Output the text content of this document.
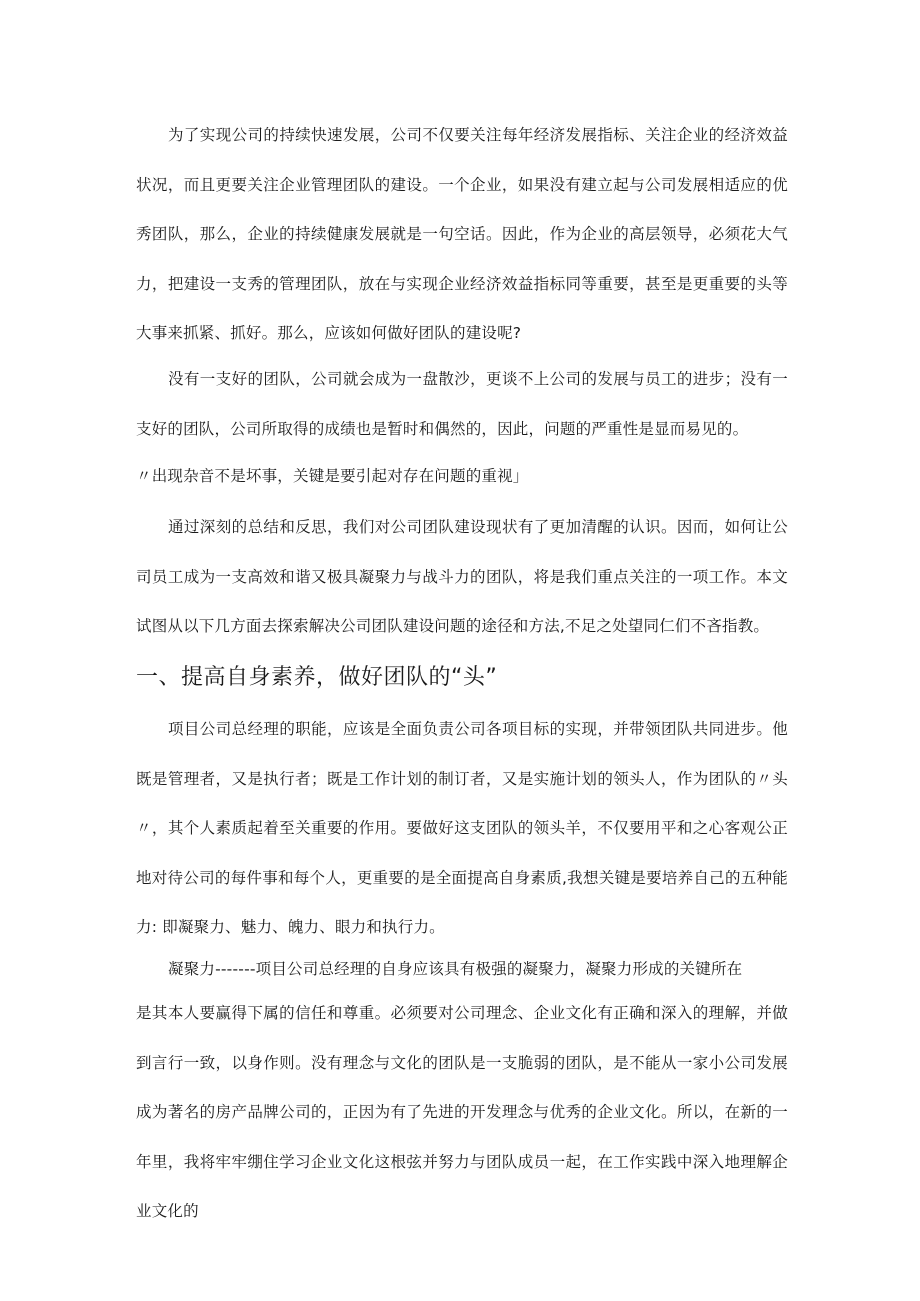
为了实现公司的持续快速发展，公司不仅要关注每年经济发展指标、关注企业的经济效益状况，而且更要关注企业管理团队的建设。一个企业，如果没有建立起与公司发展相适应的优秀团队，那么，企业的持续健康发展就是一句空话。因此，作为企业的高层领导，必须花大气力，把建设一支秀的管理团队，放在与实现企业经济效益指标同等重要，甚至是更重要的头等大事来抓紧、抓好。那么，应该如何做好团队的建设呢?

没有一支好的团队，公司就会成为一盘散沙，更谈不上公司的发展与员工的进步；没有一支好的团队，公司所取得的成绩也是暂时和偶然的，因此，问题的严重性是显而易见的。

〃出现杂音不是坏事，关键是要引起对存在问题的重视」

通过深刻的总结和反思，我们对公司团队建设现状有了更加清醒的认识。因而，如何让公司员工成为一支高效和谐又极具凝聚力与战斗力的团队，将是我们重点关注的一项工作。本文试图从以下几方面去探索解决公司团队建设问题的途径和方法,不足之处望同仁们不吝指教。

一、提高自身素养，做好团队的“头”

项目公司总经理的职能，应该是全面负责公司各项目标的实现，并带领团队共同进步。他既是管理者，又是执行者；既是工作计划的制订者，又是实施计划的领头人，作为团队的〃头〃，其个人素质起着至关重要的作用。要做好这支团队的领头羊，不仅要用平和之心客观公正地对待公司的每件事和每个人，更重要的是全面提高自身素质,我想关键是要培养自己的五种能力: 即凝聚力、魅力、魄力、眼力和执行力。

凝聚力-------项目公司总经理的自身应该具有极强的凝聚力，凝聚力形成的关键所在

是其本人要赢得下属的信任和尊重。必须要对公司理念、企业文化有正确和深入的理解，并做到言行一致，以身作则。没有理念与文化的团队是一支脆弱的团队，是不能从一家小公司发展成为著名的房产品牌公司的，正因为有了先进的开发理念与优秀的企业文化。所以，在新的一年里，我将牢牢绷住学习企业文化这根弦并努力与团队成员一起，在工作实践中深入地理解企业文化的
